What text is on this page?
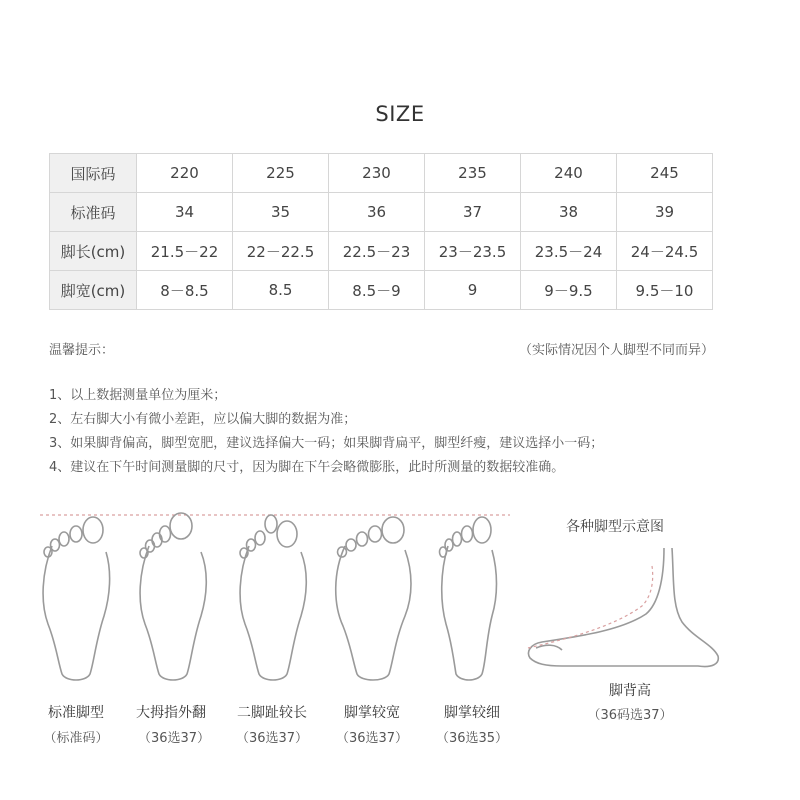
SIZE
国际码	220	225	230	235	240	245
标准码	34	35	36	37	38	39
脚长(cm)	21.5－22	22－22.5	22.5－23	23－23.5	23.5－24	24－24.5
脚宽(cm)	8－8.5	8.5	8.5－9	9	9－9.5	9.5－10
温馨提示：	（实际情况因个人脚型不同而异）
1、以上数据测量单位为厘米；
2、左右脚大小有微小差距，应以偏大脚的数据为准；
3、如果脚背偏高，脚型宽肥，建议选择偏大一码；如果脚背扁平，脚型纤瘦，建议选择小一码；
4、建议在下午时间测量脚的尺寸，因为脚在下午会略微膨胀，此时所测量的数据较准确。
标准脚型	大拇指外翻	二脚趾较长	脚掌较宽	脚掌较细
（标准码）	（36选37）	（36选37）	（36选37）	（36选35）
各种脚型示意图
脚背高
（36码选37）
